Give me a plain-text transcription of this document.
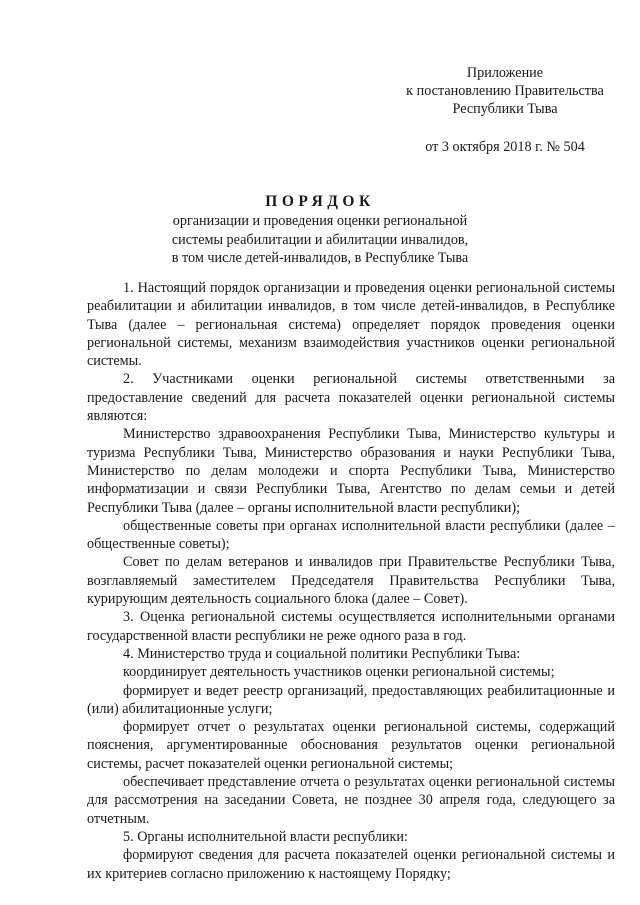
Приложение
к постановлению Правительства
Республики Тыва
от 3 октября 2018 г. № 504
ПОРЯДОК
организации и проведения оценки региональной
системы реабилитации и абилитации инвалидов,
в том числе детей-инвалидов, в Республике Тыва

1. Настоящий порядок организации и проведения оценки региональной системы реабилитации и абилитации инвалидов, в том числе детей-инвалидов, в Республике Тыва (далее – региональная система) определяет порядок проведения оценки региональной системы, механизм взаимодействия участников оценки региональной системы.

2. Участниками оценки региональной системы ответственными за предоставление сведений для расчета показателей оценки региональной системы являются:

Министерство здравоохранения Республики Тыва, Министерство культуры и туризма Республики Тыва, Министерство образования и науки Республики Тыва, Министерство по делам молодежи и спорта Республики Тыва, Министерство информатизации и связи Республики Тыва, Агентство по делам семьи и детей Республики Тыва (далее – органы исполнительной власти республики);

общественные советы при органах исполнительной власти республики (далее – общественные советы);

Совет по делам ветеранов и инвалидов при Правительстве Республики Тыва, возглавляемый заместителем Председателя Правительства Республики Тыва, курирующим деятельность социального блока (далее – Совет).

3. Оценка региональной системы осуществляется исполнительными органами государственной власти республики не реже одного раза в год.

4. Министерство труда и социальной политики Республики Тыва:

координирует деятельность участников оценки региональной системы;

формирует и ведет реестр организаций, предоставляющих реабилитационные и (или) абилитационные услуги;

формирует отчет о результатах оценки региональной системы, содержащий пояснения, аргументированные обоснования результатов оценки региональной системы, расчет показателей оценки региональной системы;

обеспечивает представление отчета о результатах оценки региональной системы для рассмотрения на заседании Совета, не позднее 30 апреля года, следующего за отчетным.

5. Органы исполнительной власти республики:

формируют сведения для расчета показателей оценки региональной системы и их критериев согласно приложению к настоящему Порядку;
